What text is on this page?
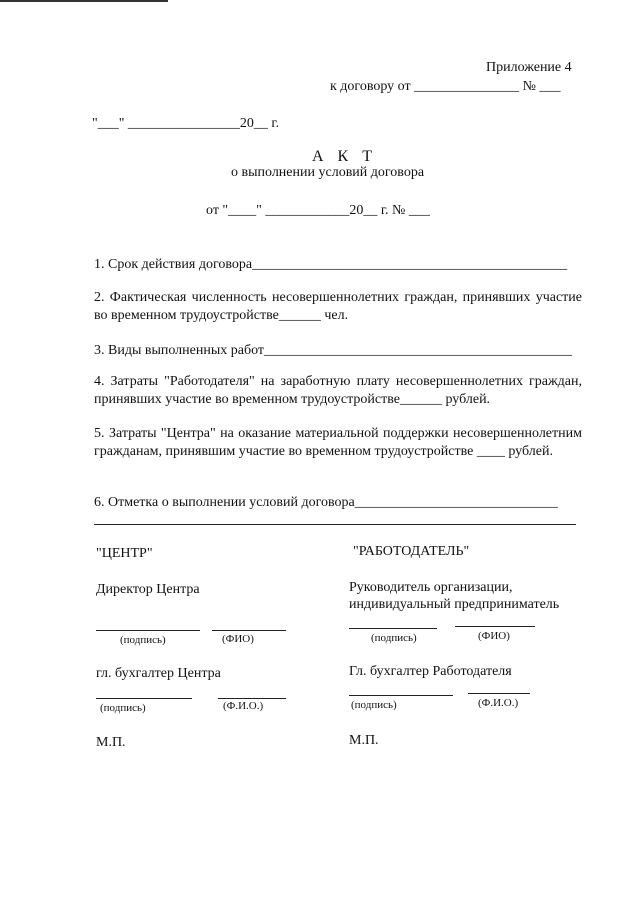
Приложение 4
к договору от _______________ № ___
"___" ________________20__ г.
А К Т
о выполнении условий договора
от "____" ____________20__ г. № ___
1. Срок действия договора_____________________________________________
2. Фактическая численность несовершеннолетних граждан, принявших участие во временном трудоустройстве______ чел.
3. Виды выполненных работ____________________________________________
4. Затраты "Работодателя" на заработную плату несовершеннолетних граждан, принявших участие во временном трудоустройстве______ рублей.
5. Затраты "Центра" на оказание материальной поддержки несовершеннолетним гражданам, принявшим участие во временном трудоустройстве ____ рублей.
6. Отметка о выполнении условий договора_____________________________
"ЦЕНТР"
Директор Центра
(подпись)	(ФИО)
гл. бухгалтер Центра
(подпись)	(Ф.И.О.)
М.П.
"РАБОТОДАТЕЛЬ"
Руководитель организации,
индивидуальный предприниматель
(подпись)	(ФИО)
Гл. бухгалтер Работодателя
(подпись)	(Ф.И.О.)
М.П.
